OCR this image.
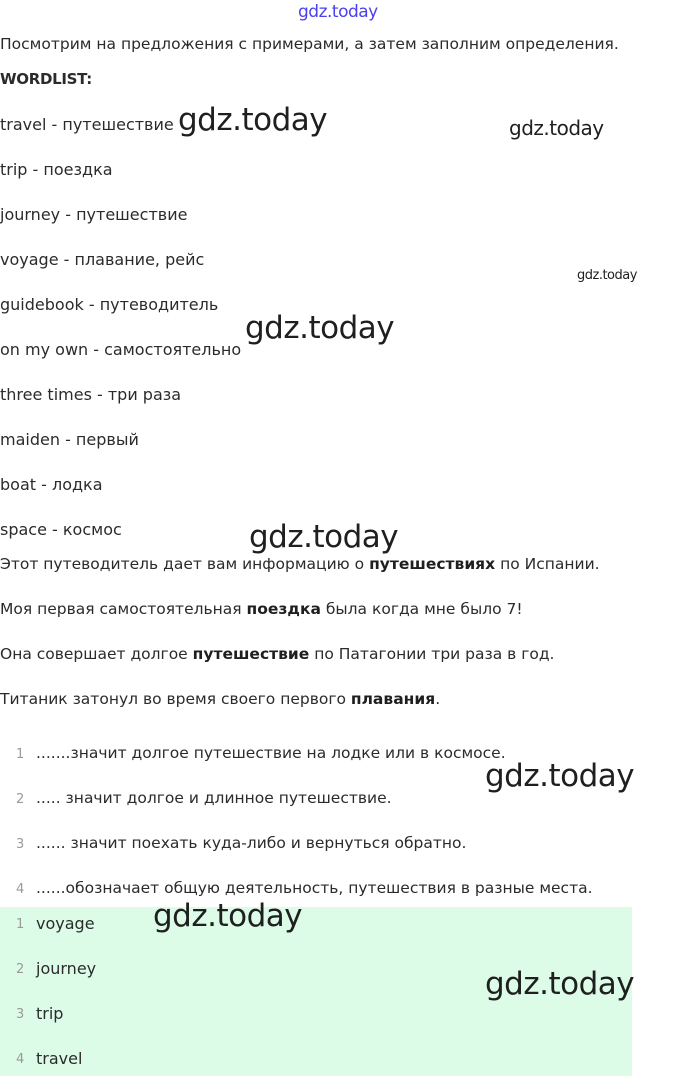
gdz.today
Посмотрим на предложения с примерами, а затем заполним определения.
WORDLIST:
travel - путешествие
trip - поездка
journey - путешествие
voyage - плавание, рейс
guidebook - путеводитель
on my own - самостоятельно
three times - три раза
maiden - первый
boat - лодка
space - космос
Этот путеводитель дает вам информацию о путешествиях по Испании.
Моя первая самостоятельная поездка была когда мне было 7!
Она совершает долгое путешествие по Патагонии три раза в год.
Титаник затонул во время своего первого плавания.
1 .......значит долгое путешествие на лодке или в космосе.
2 ..... значит долгое и длинное путешествие.
3 ...... значит поехать куда-либо и вернуться обратно.
4 ......обозначает общую деятельность, путешествия в разные места.
1 voyage
2 journey
3 trip
4 travel
gdz.today	gdz.today
gdz.today
gdz.today
gdz.today
gdz.today
gdz.today
gdz.today
